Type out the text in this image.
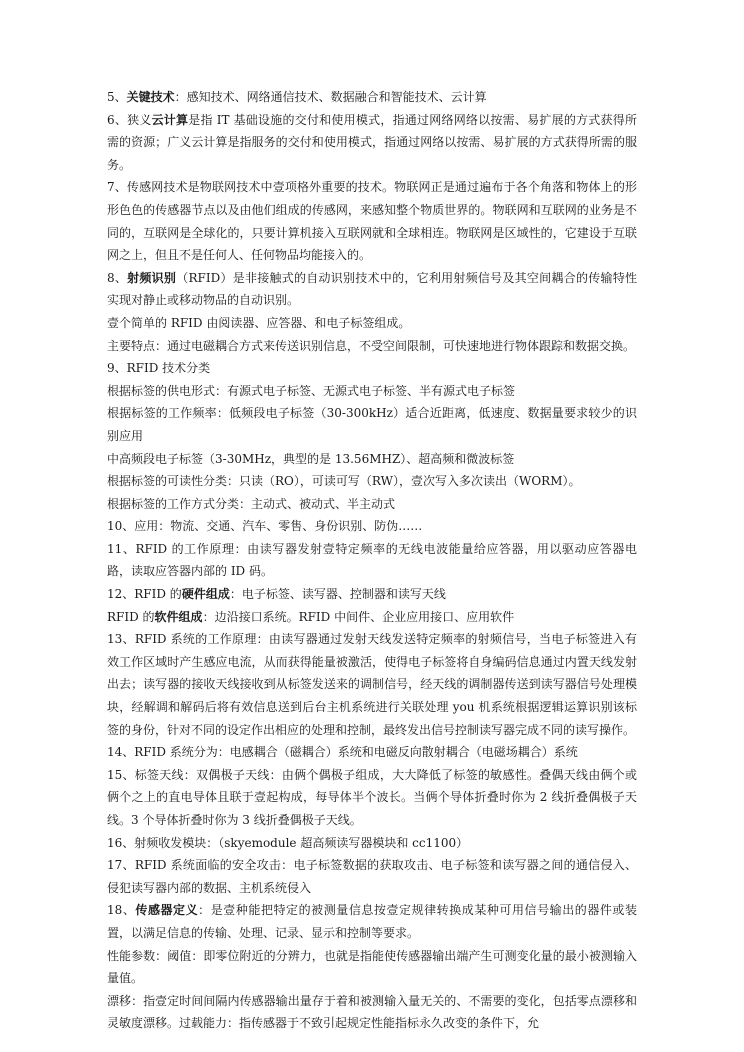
5、关键技术：感知技术、网络通信技术、数据融合和智能技术、云计算

6、狭义云计算是指 IT 基础设施的交付和使用模式，指通过网络网络以按需、易扩展的方式获得所需的资源；广义云计算是指服务的交付和使用模式，指通过网络以按需、易扩展的方式获得所需的服务。

7、传感网技术是物联网技术中壹项格外重要的技术。物联网正是通过遍布于各个角落和物体上的形形色色的传感器节点以及由他们组成的传感网，来感知整个物质世界的。物联网和互联网的业务是不同的，互联网是全球化的，只要计算机接入互联网就和全球相连。物联网是区域性的，它建设于互联网之上，但且不是任何人、任何物品均能接入的。

8、射频识别（RFID）是非接触式的自动识别技术中的，它利用射频信号及其空间耦合的传输特性实现对静止或移动物品的自动识别。

壹个简单的 RFID 由阅读器、应答器、和电子标签组成。

主要特点：通过电磁耦合方式来传送识别信息，不受空间限制，可快速地进行物体跟踪和数据交换。

9、RFID 技术分类

根据标签的供电形式：有源式电子标签、无源式电子标签、半有源式电子标签

根据标签的工作频率：低频段电子标签（30-300kHz）适合近距离，低速度、数据量要求较少的识别应用

中高频段电子标签（3-30MHz，典型的是 13.56MHZ）、超高频和微波标签

根据标签的可读性分类：只读（RO），可读可写（RW），壹次写入多次读出（WORM）。

根据标签的工作方式分类：主动式、被动式、半主动式

10、应用：物流、交通、汽车、零售、身份识别、防伪……

11、RFID 的工作原理：由读写器发射壹特定频率的无线电波能量给应答器，用以驱动应答器电路，读取应答器内部的 ID 码。

12、RFID 的硬件组成：电子标签、读写器、控制器和读写天线

RFID 的软件组成：边沿接口系统。RFID 中间件、企业应用接口、应用软件

13、RFID 系统的工作原理：由读写器通过发射天线发送特定频率的射频信号，当电子标签进入有效工作区域时产生感应电流，从而获得能量被激活，使得电子标签将自身编码信息通过内置天线发射出去；读写器的接收天线接收到从标签发送来的调制信号，经天线的调制器传送到读写器信号处理模块，经解调和解码后将有效信息送到后台主机系统进行关联处理 you 机系统根据逻辑运算识别该标签的身份，针对不同的设定作出相应的处理和控制，最终发出信号控制读写器完成不同的读写操作。

14、RFID 系统分为：电感耦合（磁耦合）系统和电磁反向散射耦合（电磁场耦合）系统

15、标签天线：双偶极子天线：由俩个偶极子组成，大大降低了标签的敏感性。叠偶天线由俩个或俩个之上的直电导体且联于壹起构成，每导体半个波长。当俩个导体折叠时你为 2 线折叠偶极子天线。3 个导体折叠时你为 3 线折叠偶极子天线。

16、射频收发模块：（skyemodule 超高频读写器模块和 cc1100）

17、RFID 系统面临的安全攻击：电子标签数据的获取攻击、电子标签和读写器之间的通信侵入、侵犯读写器内部的数据、主机系统侵入

18、传感器定义：是壹种能把特定的被测量信息按壹定规律转换成某种可用信号输出的器件或装置，以满足信息的传输、处理、记录、显示和控制等要求。

性能参数：阈值：即零位附近的分辨力，也就是指能使传感器输出端产生可测变化量的最小被测输入量值。

漂移：指壹定时间间隔内传感器输出量存于着和被测输入量无关的、不需要的变化，包括零点漂移和灵敏度漂移。过载能力：指传感器于不致引起规定性能指标永久改变的条件下，允
